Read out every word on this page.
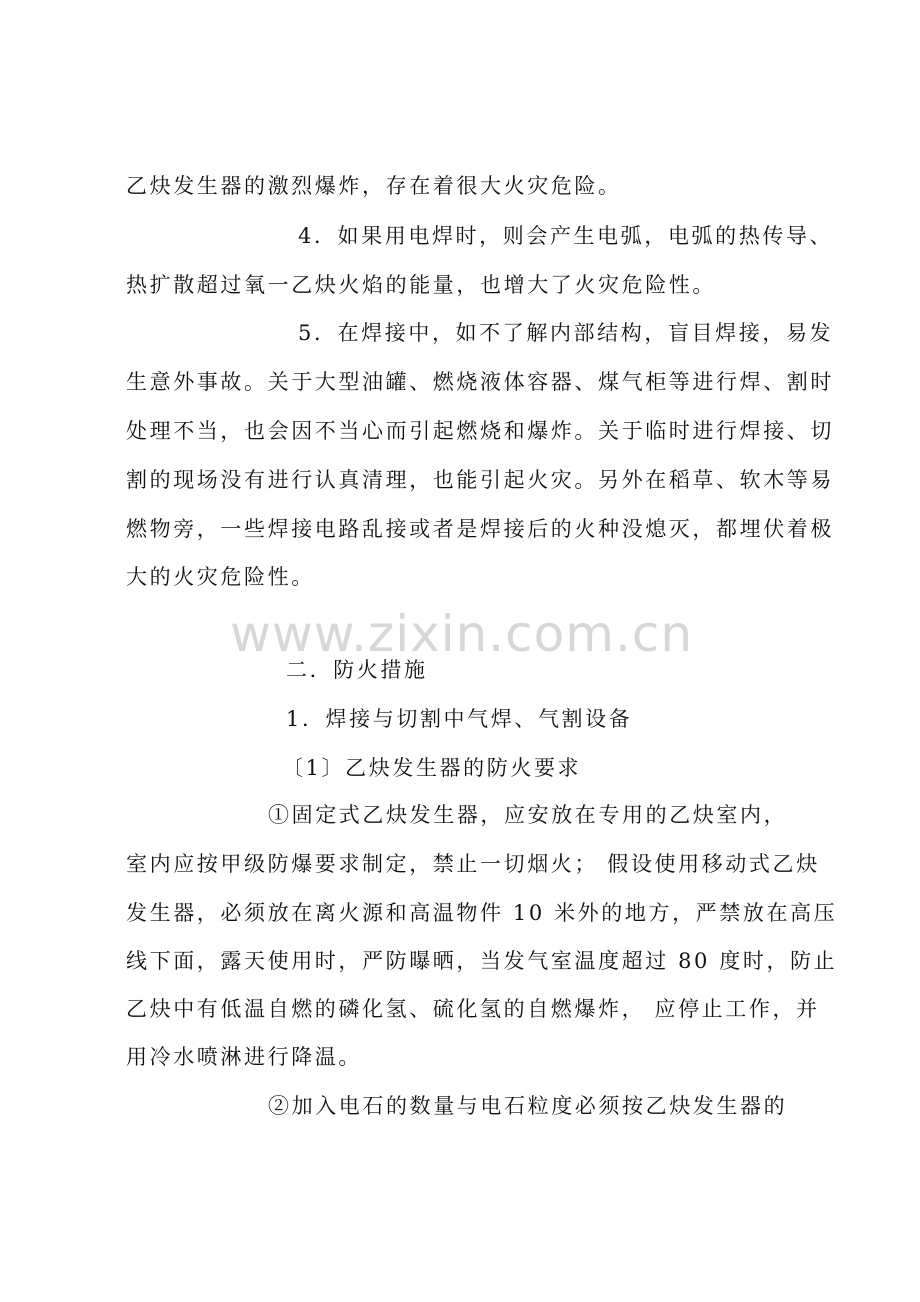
乙炔发生器的激烈爆炸，存在着很大火灾危险。
4．如果用电焊时，则会产生电弧，电弧的热传导、
热扩散超过氧一乙炔火焰的能量，也增大了火灾危险性。
5．在焊接中，如不了解内部结构，盲目焊接，易发
生意外事故。关于大型油罐、燃烧液体容器、煤气柜等进行焊、割时
处理不当，也会因不当心而引起燃烧和爆炸。关于临时进行焊接、切
割的现场没有进行认真清理，也能引起火灾。另外在稻草、软木等易
燃物旁，一些焊接电路乱接或者是焊接后的火种没熄灭，都埋伏着极
大的火灾危险性。
www.zixin.com.cn
二．防火措施
1．焊接与切割中气焊、气割设备
〔1〕乙炔发生器的防火要求
①固定式乙炔发生器，应安放在专用的乙炔室内，
室内应按甲级防爆要求制定，禁止一切烟火； 假设使用移动式乙炔
发生器，必须放在离火源和高温物件 10 米外的地方，严禁放在高压
线下面，露天使用时，严防曝晒，当发气室温度超过 80 度时，防止
乙炔中有低温自燃的磷化氢、硫化氢的自燃爆炸， 应停止工作，并
用冷水喷淋进行降温。
②加入电石的数量与电石粒度必须按乙炔发生器的
